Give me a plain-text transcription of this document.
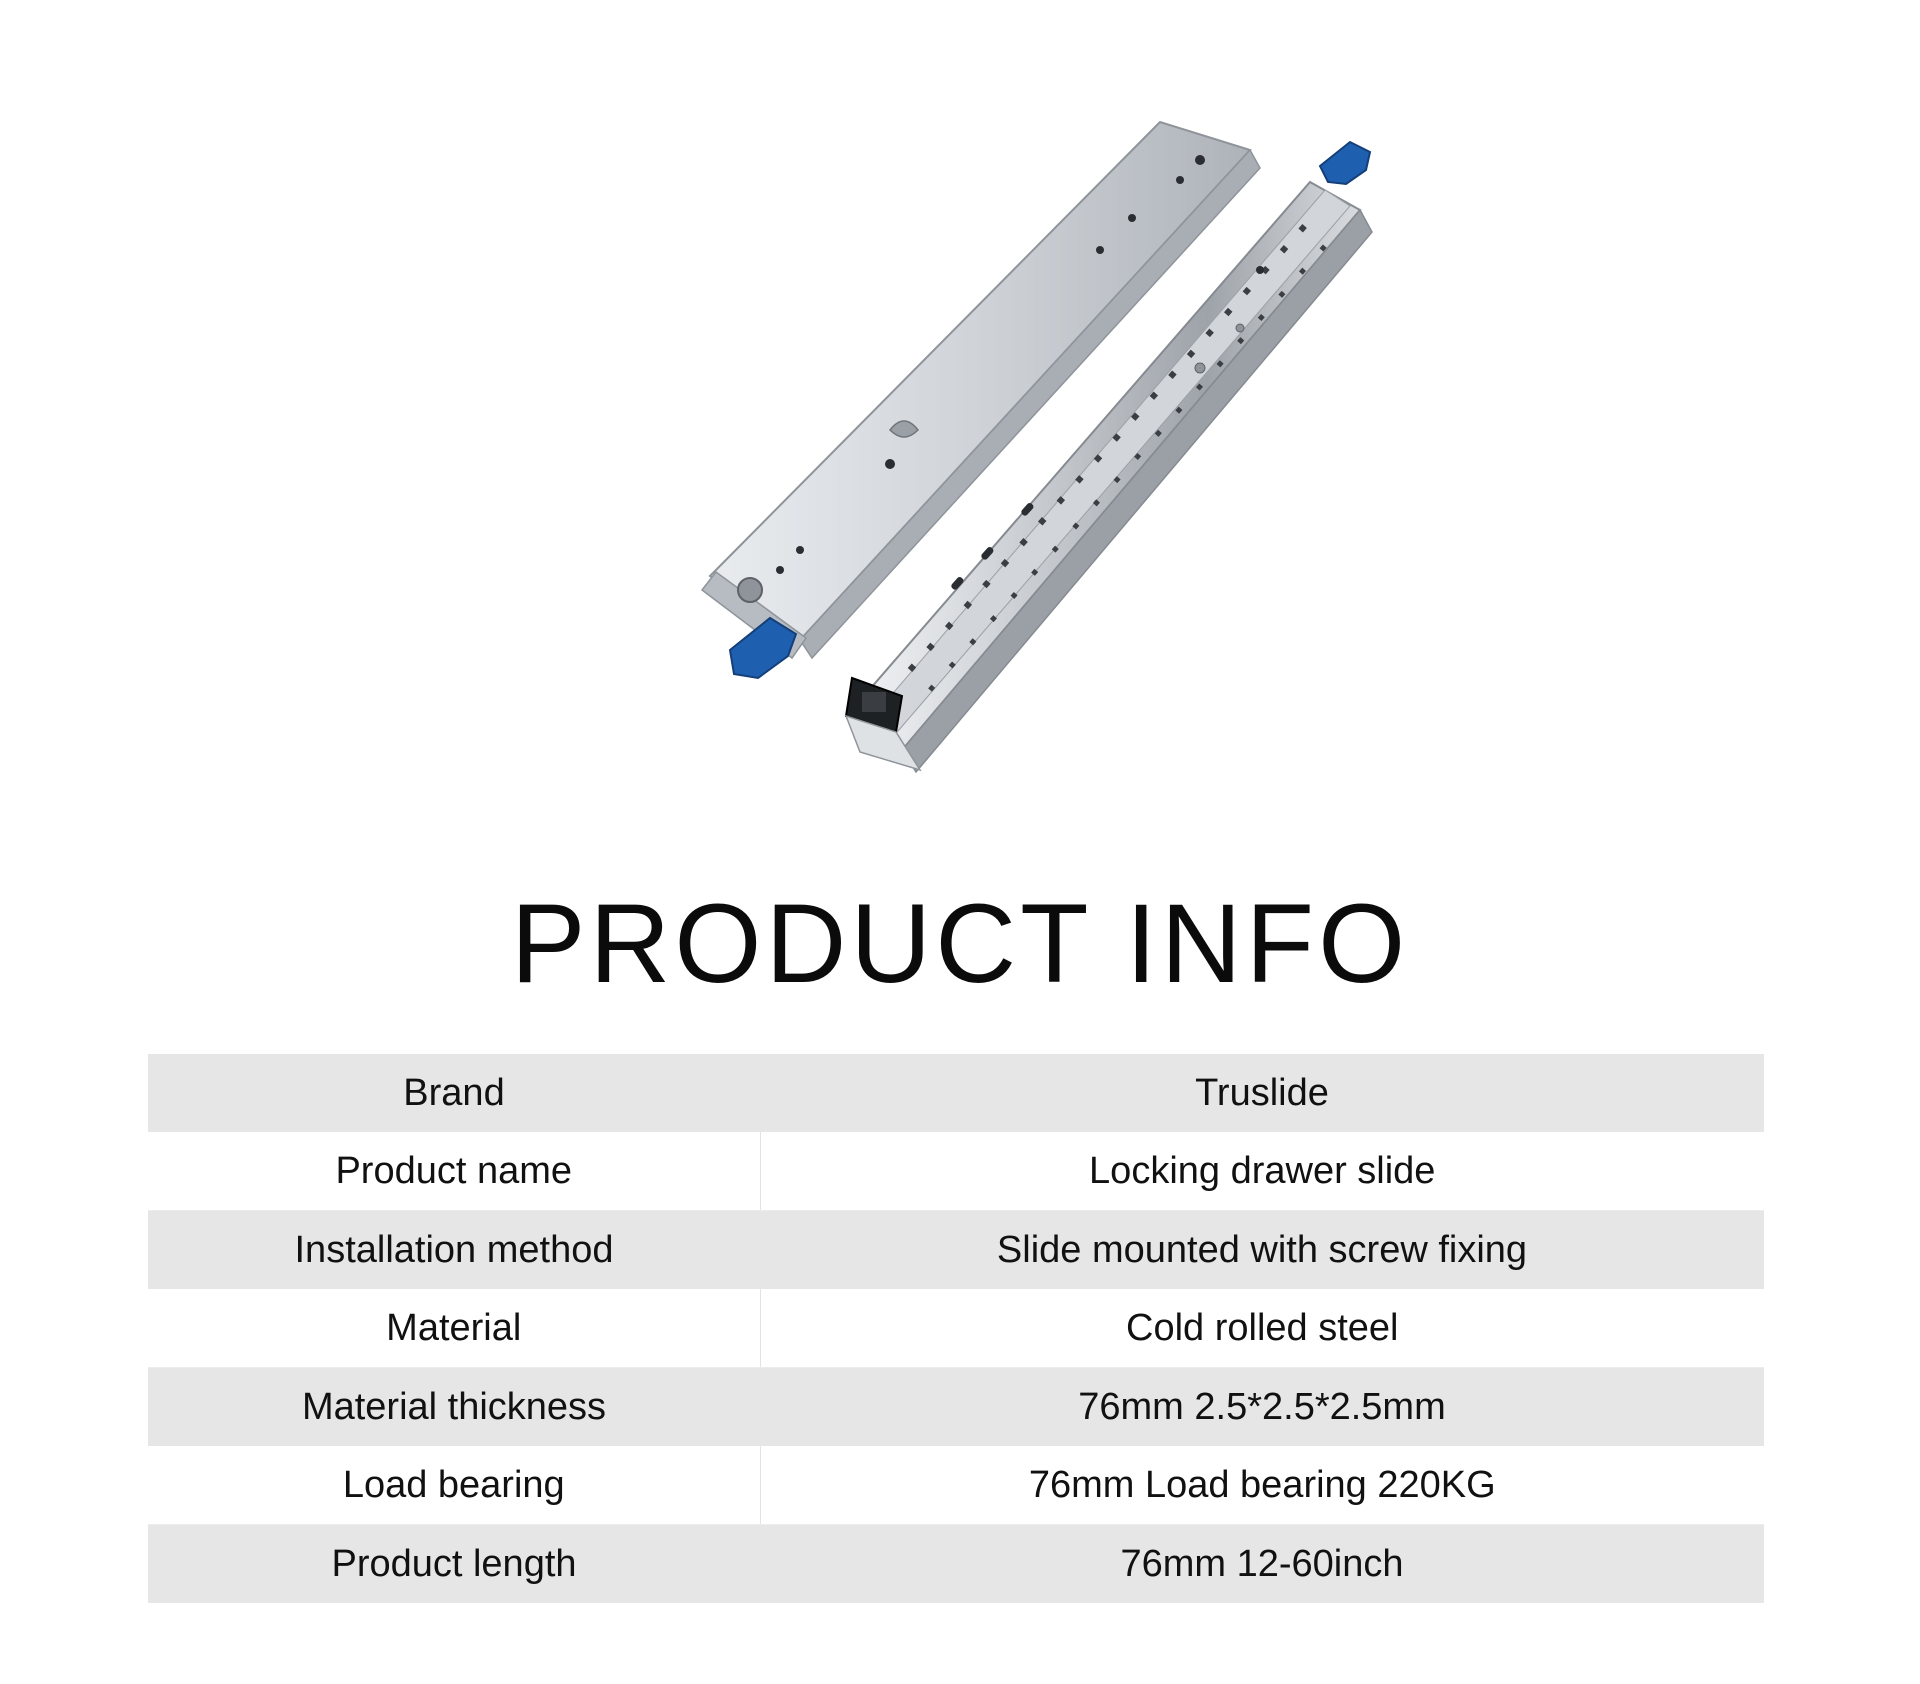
PRODUCT INFO
Brand	Truslide
Product name	Locking drawer slide
Installation method	Slide mounted with screw fixing
Material	Cold rolled steel
Material thickness	76mm 2.5*2.5*2.5mm
Load bearing	76mm Load bearing 220KG
Product length	76mm 12-60inch
